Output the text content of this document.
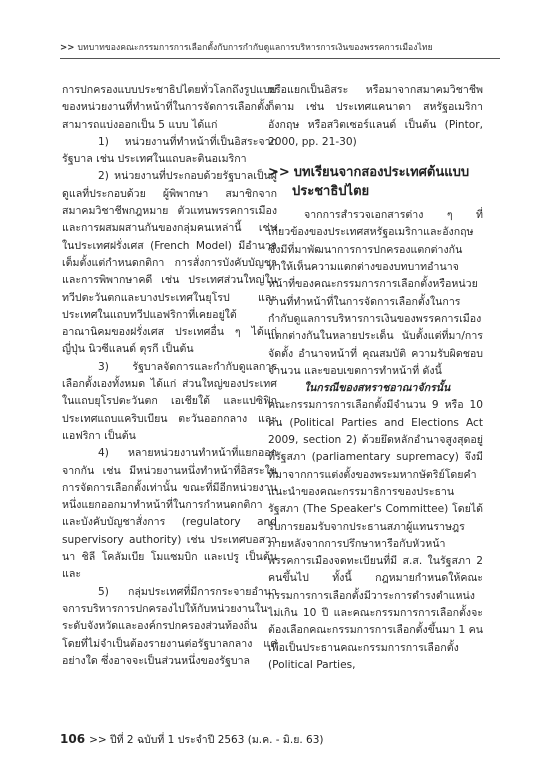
>> บทบาทของคณะกรรมการการเลือกตั้งกับการกำกับดูแลการบริหารการเงินของพรรคการเมืองไทย

การปกครองแบบประชาธิปไตยทั่วโลกถึงรูปแบบของหน่วยงานที่ทำหน้าที่ในการจัดการเลือกตั้งสามารถแบ่งออกเป็น 5 แบบ ได้แก่

1) หน่วยงานที่ทำหน้าที่เป็นอิสระจากรัฐบาล เช่น ประเทศในแถบละตินอเมริกา

2) หน่วยงานที่ประกอบด้วยรัฐบาลเป็นผู้ดูแลที่ประกอบด้วย ผู้พิพากษา สมาชิกจากสมาคมวิชาชีพกฎหมาย ตัวแทนพรรคการเมือง และการผสมผสานกันของกลุ่มคนเหล่านี้ เช่น ในประเทศฝรั่งเศส (French Model) มีอำนาจเต็มตั้งแต่กำหนดกติกา การสั่งการบังคับบัญชา และการพิพากษาคดี เช่น ประเทศส่วนใหญ่ในทวีปตะวันตกและบางประเทศในยุโรป และประเทศในแถบทวีปแอฟริกาที่เคยอยู่ใต้อาณานิคมของฝรั่งเศส ประเทศอื่น ๆ ได้แก่ ญี่ปุ่น นิวซีแลนด์ ตุรกี เป็นต้น

3) รัฐบาลจัดการและกำกับดูแลการเลือกตั้งเองทั้งหมด ได้แก่ ส่วนใหญ่ของประเทศในแถบยุโรปตะวันตก เอเชียใต้ และแปซิฟิก ประเทศแถบแคริบเบียน ตะวันออกกลาง และแอฟริกา เป็นต้น

4) หลายหน่วยงานทำหน้าที่แยกออกจากกัน เช่น มีหน่วยงานหนึ่งทำหน้าที่อิสระในการจัดการเลือกตั้งเท่านั้น ขณะที่มีอีกหน่วยงานหนึ่งแยกออกมาทำหน้าที่ในการกำหนดกติกาและบังคับบัญชาสั่งการ (regulatory and supervisory authority) เช่น ประเทศบอสวานา ชิลี โคลัมเบีย โมแซมบิก และเปรู เป็นต้น และ

5) กลุ่มประเทศที่มีการกระจายอำนาจการบริหารการปกครองไปให้กับหน่วยงานในระดับจังหวัดและองค์กรปกครองส่วนท้องถิ่น โดยที่ไม่จำเป็นต้องรายงานต่อรัฐบาลกลาง แต่อย่างใด ซึ่งอาจจะเป็นส่วนหนึ่งของรัฐบาล

หรือแยกเป็นอิสระ หรือมาจากสมาคมวิชาชีพก็ตาม เช่น ประเทศแคนาดา สหรัฐอเมริกา อังกฤษ หรือสวิตเซอร์แลนด์ เป็นต้น (Pintor, 2000, pp. 21-30)

>> บทเรียนจากสองประเทศต้นแบบ
ประชาธิปไตย

จากการสำรวจเอกสารต่าง ๆ ที่เกี่ยวข้องของประเทศสหรัฐอเมริกาและอังกฤษ ซึ่งมีที่มาพัฒนาการการปกครองแตกต่างกัน ทำให้เห็นความแตกต่างของบทบาทอำนาจหน้าที่ของคณะกรรมการการเลือกตั้งหรือหน่วยงานที่ทำหน้าที่ในการจัดการเลือกตั้งในการกำกับดูแลการบริหารการเงินของพรรคการเมืองแตกต่างกันในหลายประเด็น นับตั้งแต่ที่มา/การจัดตั้ง อำนาจหน้าที่ คุณสมบัติ ความรับผิดชอบ จำนวน และขอบเขตการทำหน้าที่ ดังนี้

ในกรณีของสหราชอาณาจักรนั้น

คณะกรรมการการเลือกตั้งมีจำนวน 9 หรือ 10 คน (Political Parties and Elections Act 2009, section 2) ด้วยยึดหลักอำนาจสูงสุดอยู่ที่รัฐสภา (parliamentary supremacy) จึงมีที่มาจากการแต่งตั้งของพระมหากษัตริย์โดยคำแนะนำของคณะกรรมาธิการของประธานรัฐสภา (The Speaker's Committee) โดยได้รับการยอมรับจากประธานสภาผู้แทนราษฎร ภายหลังจากการปรึกษาหารือกับหัวหน้าพรรคการเมืองจดทะเบียนที่มี ส.ส. ในรัฐสภา 2 คนขึ้นไป ทั้งนี้ กฎหมายกำหนดให้คณะกรรมการการเลือกตั้งมีวาระการดำรงตำแหน่งไม่เกิน 10 ปี และคณะกรรมการการเลือกตั้งจะต้องเลือกคณะกรรมการการเลือกตั้งขึ้นมา 1 คน เพื่อเป็นประธานคณะกรรมการการเลือกตั้ง (Political Parties,

106 >> ปีที่ 2 ฉบับที่ 1 ประจำปี 2563 (ม.ค. - มิ.ย. 63)
